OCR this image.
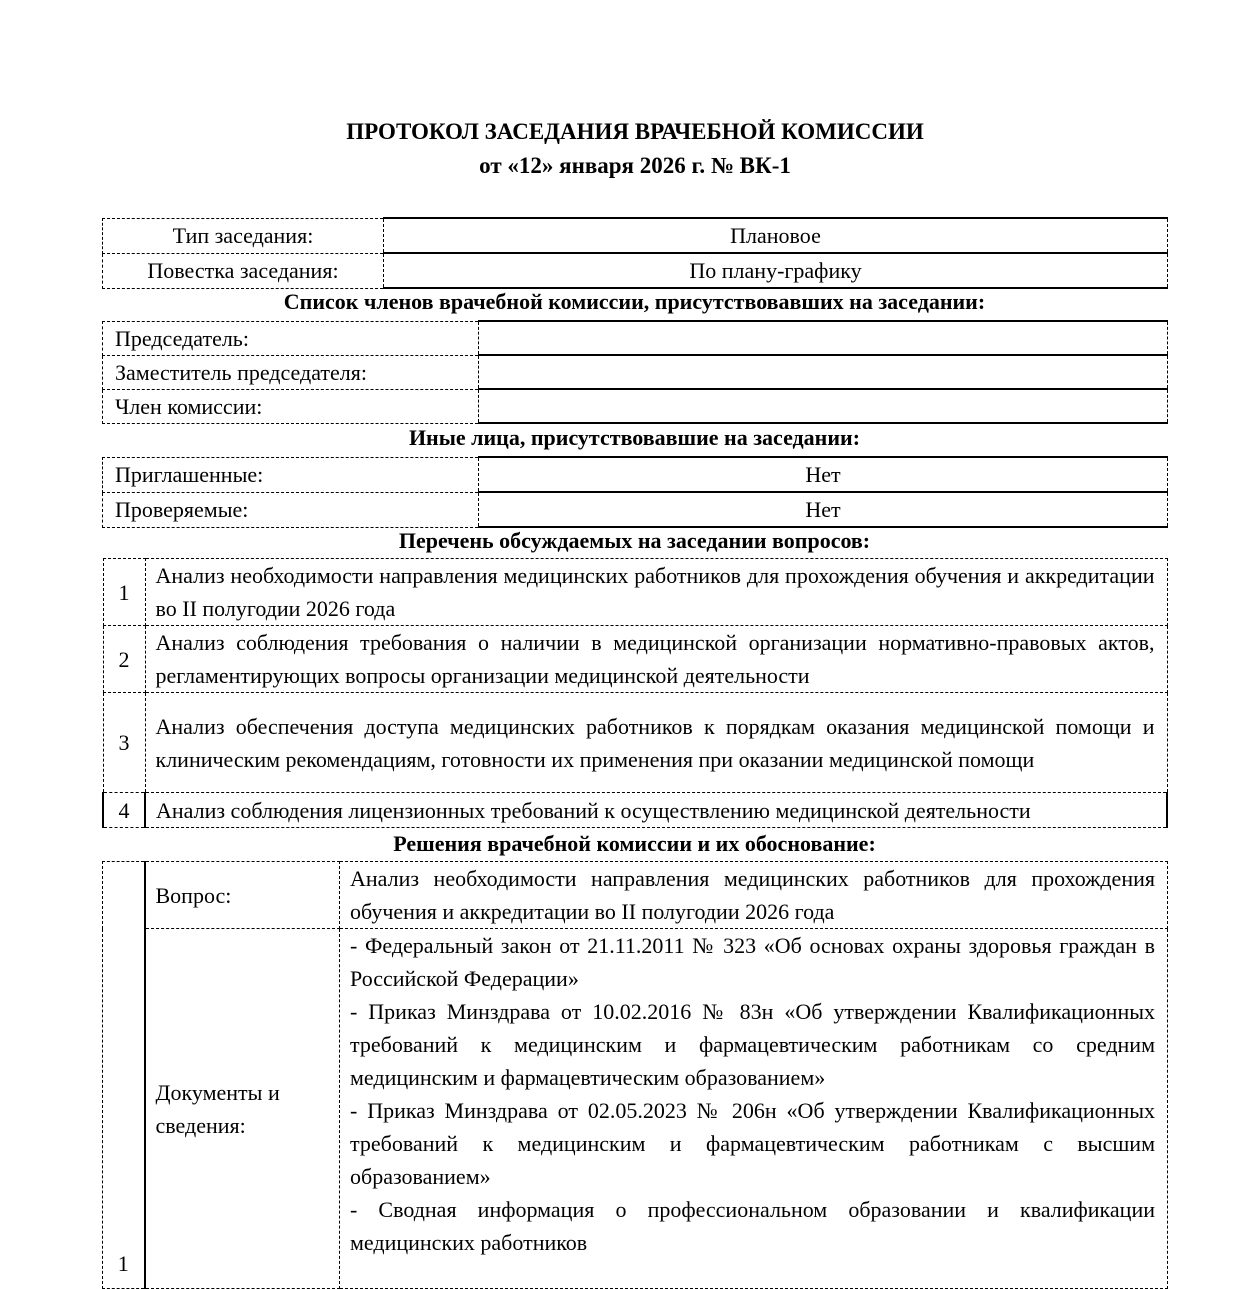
ПРОТОКОЛ ЗАСЕДАНИЯ ВРАЧЕБНОЙ КОМИССИИ
от «12» января 2026 г. № ВК-1
Тип заседания:	Плановое
Повестка заседания:	По плану-графику
Список членов врачебной комиссии, присутствовавших на заседании:
Председатель:	
Заместитель председателя:	
Член комиссии:	
Иные лица, присутствовавшие на заседании:
Приглашенные:	Нет
Проверяемые:	Нет
Перечень обсуждаемых на заседании вопросов:
1	Анализ необходимости направления медицинских работников для прохождения обучения и аккредитации во II полугодии 2026 года
2	Анализ соблюдения требования о наличии в медицинской организации нормативно-правовых актов, регламентирующих вопросы организации медицинской деятельности
3	Анализ обеспечения доступа медицинских работников к порядкам оказания медицинской помощи и клиническим рекомендациям, готовности их применения при оказании медицинской помощи
4	Анализ соблюдения лицензионных требований к осуществлению медицинской деятельности
Решения врачебной комиссии и их обоснование:
1	Вопрос:	Анализ необходимости направления медицинских работников для прохождения обучения и аккредитации во II полугодии 2026 года
	Документы и сведения:	- Федеральный закон от 21.11.2011 № 323 «Об основах охраны здоровья граждан в Российской Федерации»
- Приказ Минздрава от 10.02.2016 № 83н «Об утверждении Квалификационных требований к медицинским и фармацевтическим работникам со средним медицинским и фармацевтическим образованием»
- Приказ Минздрава от 02.05.2023 № 206н «Об утверждении Квалификационных требований к медицинским и фармацевтическим работникам с высшим образованием»
- Сводная информация о профессиональном образовании и квалификации медицинских работников
